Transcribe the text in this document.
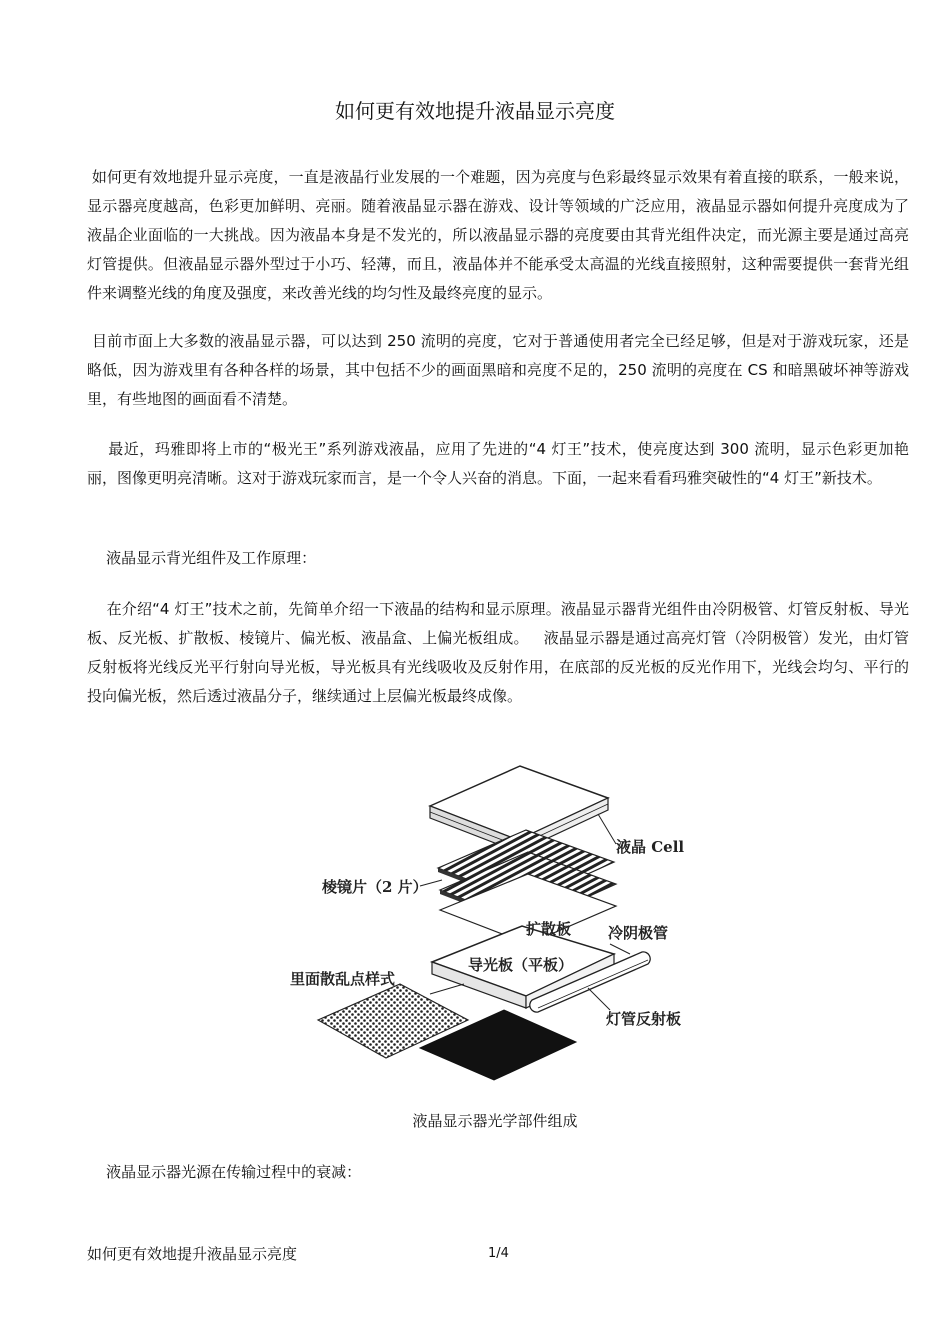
如何更有效地提升液晶显示亮度

如何更有效地提升显示亮度，一直是液晶行业发展的一个难题，因为亮度与色彩最终显示效果有着直接的联系，一般来说，显示器亮度越高，色彩更加鲜明、亮丽。随着液晶显示器在游戏、设计等领域的广泛应用，液晶显示器如何提升亮度成为了液晶企业面临的一大挑战。因为液晶本身是不发光的，所以液晶显示器的亮度要由其背光组件决定，而光源主要是通过高亮灯管提供。但液晶显示器外型过于小巧、轻薄，而且，液晶体并不能承受太高温的光线直接照射，这种需要提供一套背光组件来调整光线的角度及强度，来改善光线的均匀性及最终亮度的显示。

目前市面上大多数的液晶显示器，可以达到 250 流明的亮度，它对于普通使用者完全已经足够，但是对于游戏玩家，还是略低，因为游戏里有各种各样的场景，其中包括不少的画面黑暗和亮度不足的，250 流明的亮度在 CS 和暗黑破坏神等游戏里，有些地图的画面看不清楚。

最近，玛雅即将上市的“极光王”系列游戏液晶，应用了先进的“4 灯王”技术，使亮度达到 300 流明，显示色彩更加艳丽，图像更明亮清晰。这对于游戏玩家而言，是一个令人兴奋的消息。下面，一起来看看玛雅突破性的“4 灯王”新技术。

液晶显示背光组件及工作原理：

在介绍“4 灯王”技术之前，先简单介绍一下液晶的结构和显示原理。液晶显示器背光组件由冷阴极管、灯管反射板、导光板、反光板、扩散板、棱镜片、偏光板、液晶盒、上偏光板组成。   液晶显示器是通过高亮灯管（冷阴极管）发光，由灯管反射板将光线反光平行射向导光板，导光板具有光线吸收及反射作用，在底部的反光板的反光作用下，光线会均匀、平行的投向偏光板，然后透过液晶分子，继续通过上层偏光板最终成像。

液晶 Cell
棱镜片（2 片）
扩散板 冷阴极管
导光板（平板）
里面散乱点样式
灯管反射板
液晶显示器光学部件组成

液晶显示器光源在传输过程中的衰减：

如何更有效地提升液晶显示亮度	1/4
